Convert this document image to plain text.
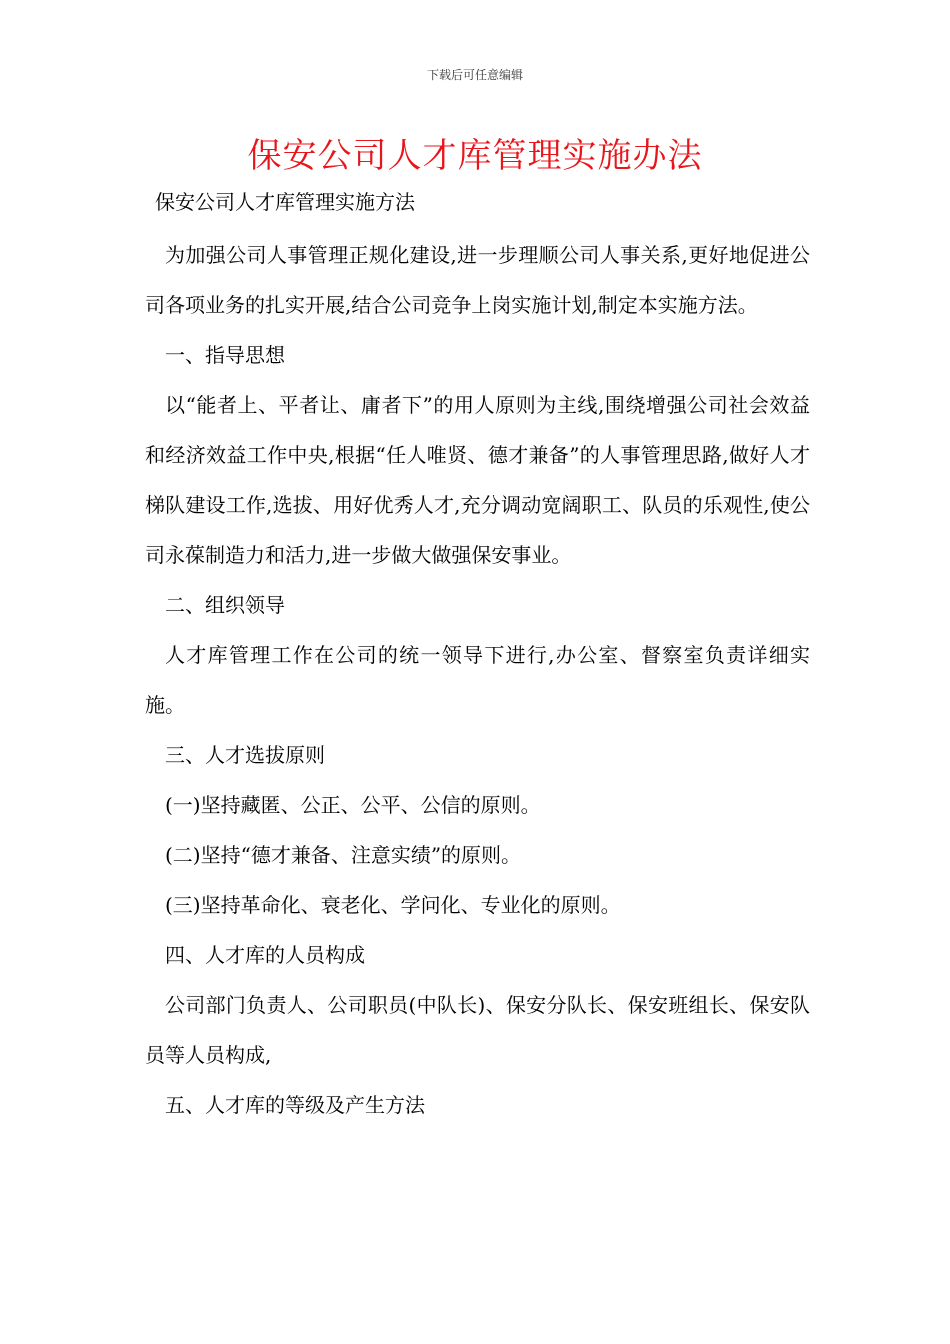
下载后可任意编辑
保安公司人才库管理实施办法
保安公司人才库管理实施方法

为加强公司人事管理正规化建设,进一步理顺公司人事关系,更好地促进公司各项业务的扎实开展,结合公司竞争上岗实施计划,制定本实施方法。

一、指导思想

以“能者上、平者让、庸者下”的用人原则为主线,围绕增强公司社会效益和经济效益工作中央,根据“任人唯贤、德才兼备”的人事管理思路,做好人才梯队建设工作,选拔、用好优秀人才,充分调动宽阔职工、队员的乐观性,使公司永葆制造力和活力,进一步做大做强保安事业。

二、组织领导

人才库管理工作在公司的统一领导下进行,办公室、督察室负责详细实施。

三、人才选拔原则

(一)坚持藏匿、公正、公平、公信的原则。

(二)坚持“德才兼备、注意实绩”的原则。

(三)坚持革命化、衰老化、学问化、专业化的原则。

四、人才库的人员构成

公司部门负责人、公司职员(中队长)、保安分队长、保安班组长、保安队员等人员构成,

五、人才库的等级及产生方法
